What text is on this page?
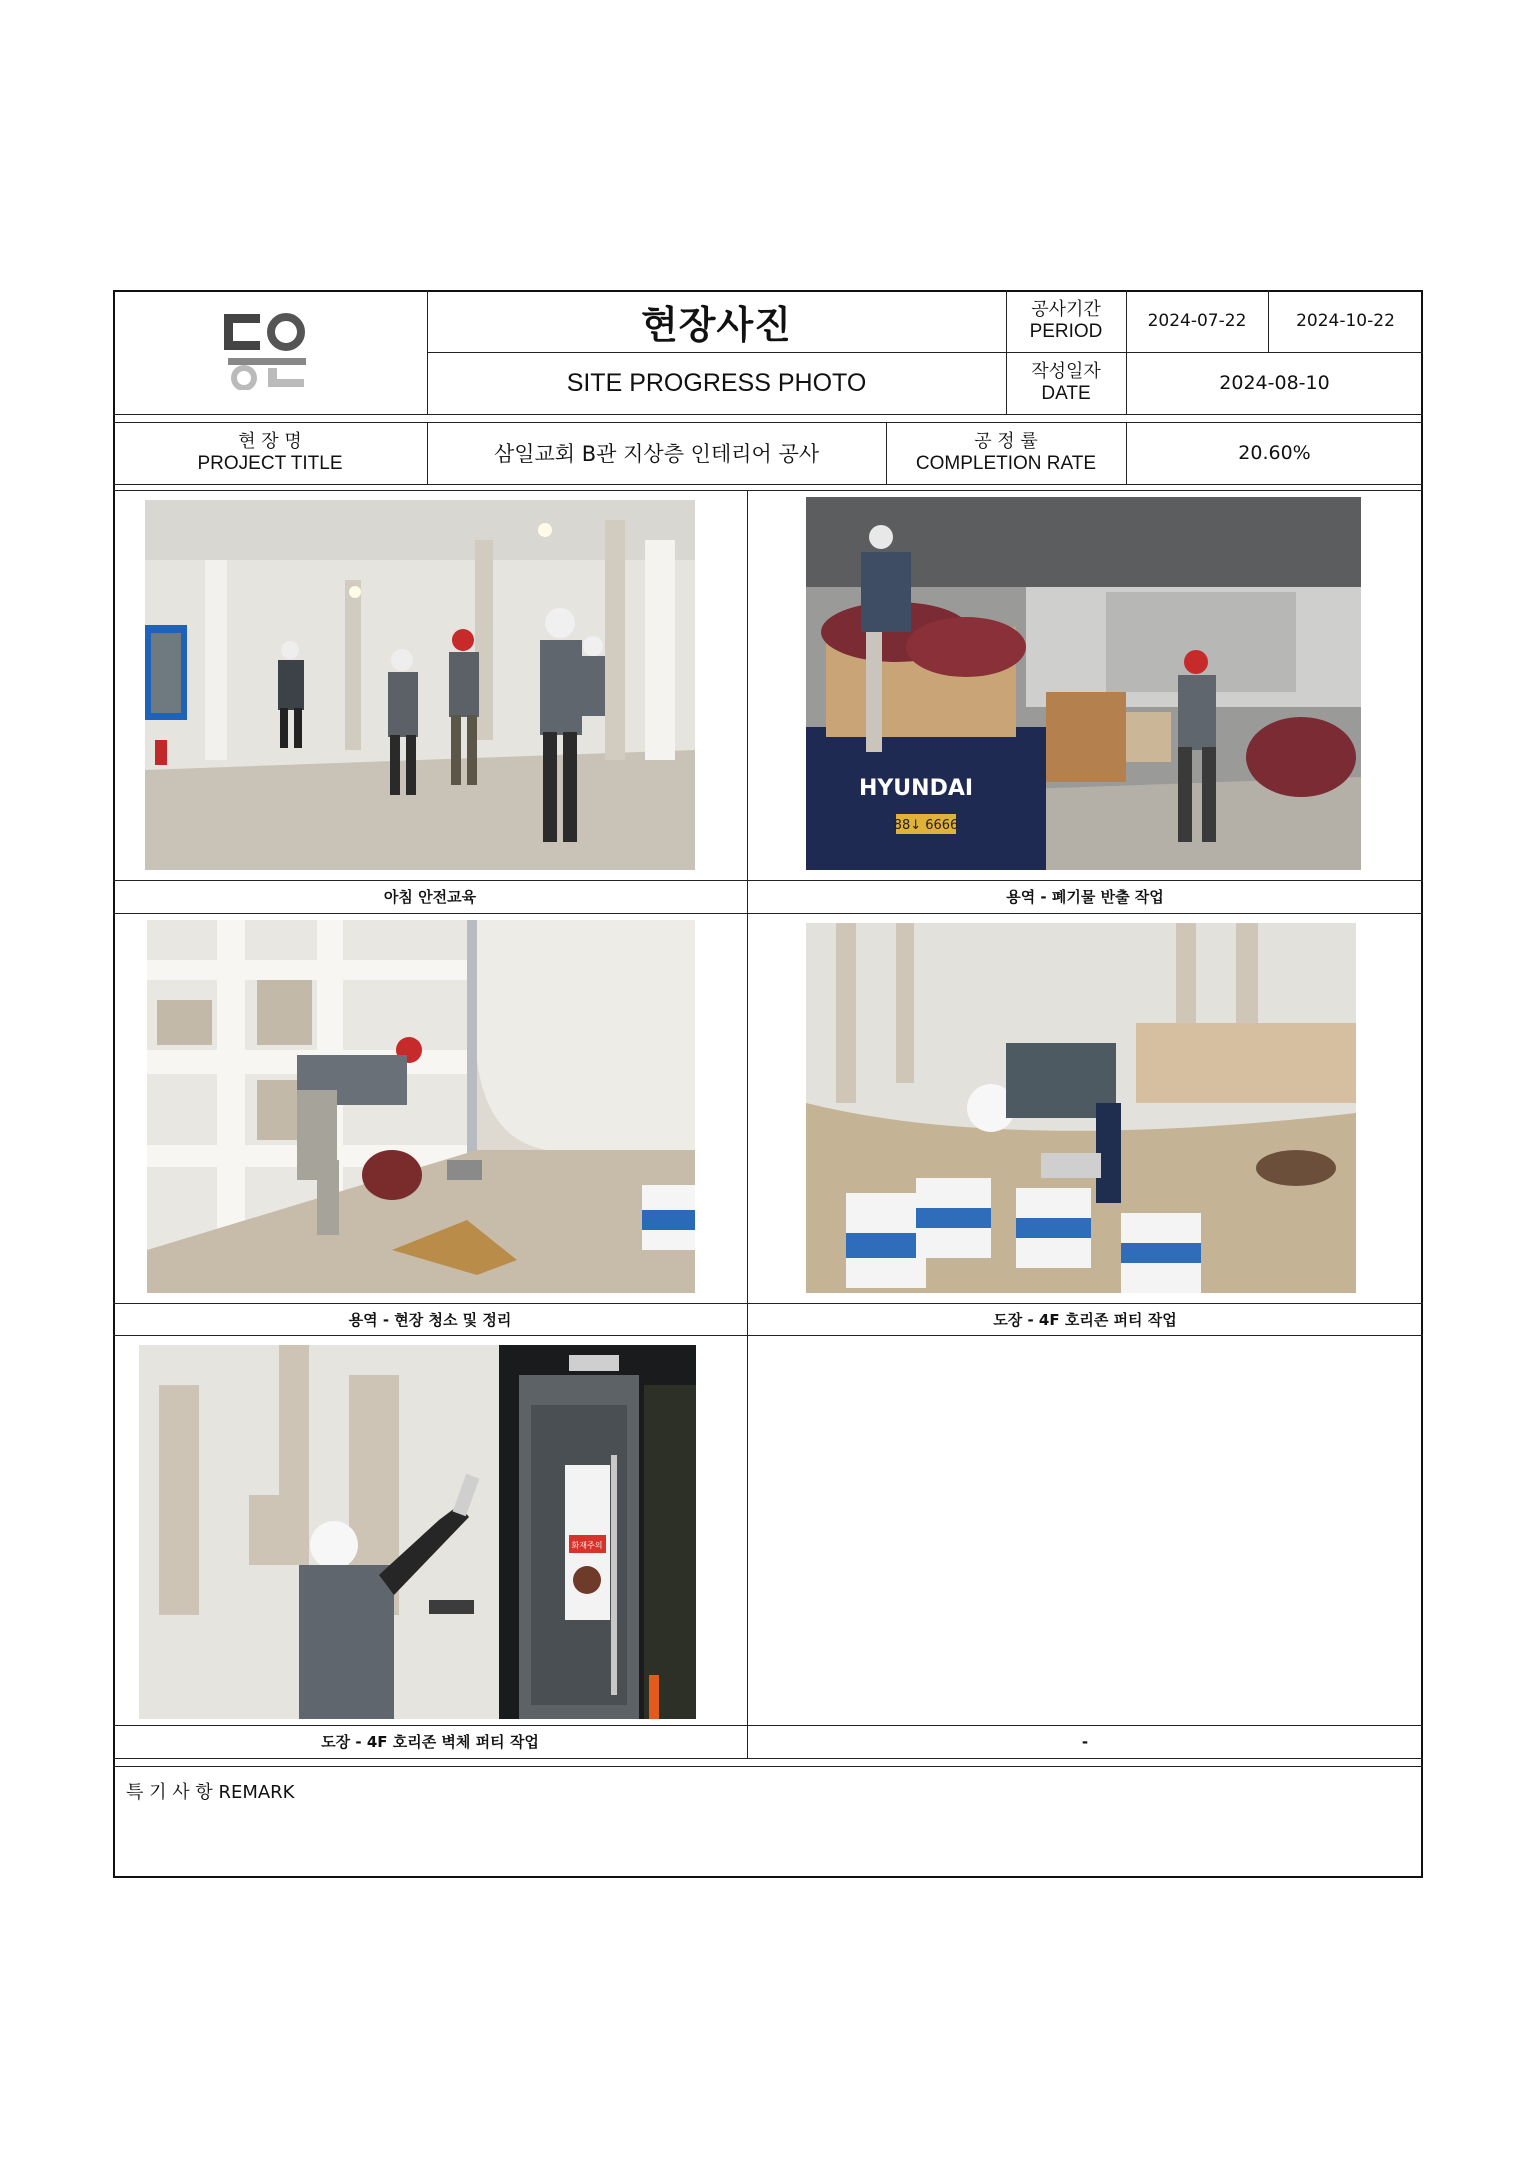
현장사진
SITE PROGRESS PHOTO
공사기간
PERIOD	2024-07-22	2024-10-22
작성일자
DATE	2024-08-10
현 장 명
PROJECT TITLE	삼일교회 B관 지상층 인테리어 공사
공 정 률
COMPLETION RATE	20.60%
아침 안전교육	용역 - 폐기물 반출 작업
용역 - 현장 청소 및 정리	도장 - 4F 호리존 퍼티 작업
도장 - 4F 호리존 벽체 퍼티 작업	-
88↓ 6666
HYUNDAI
화재주의
특 기 사 항 REMARK
